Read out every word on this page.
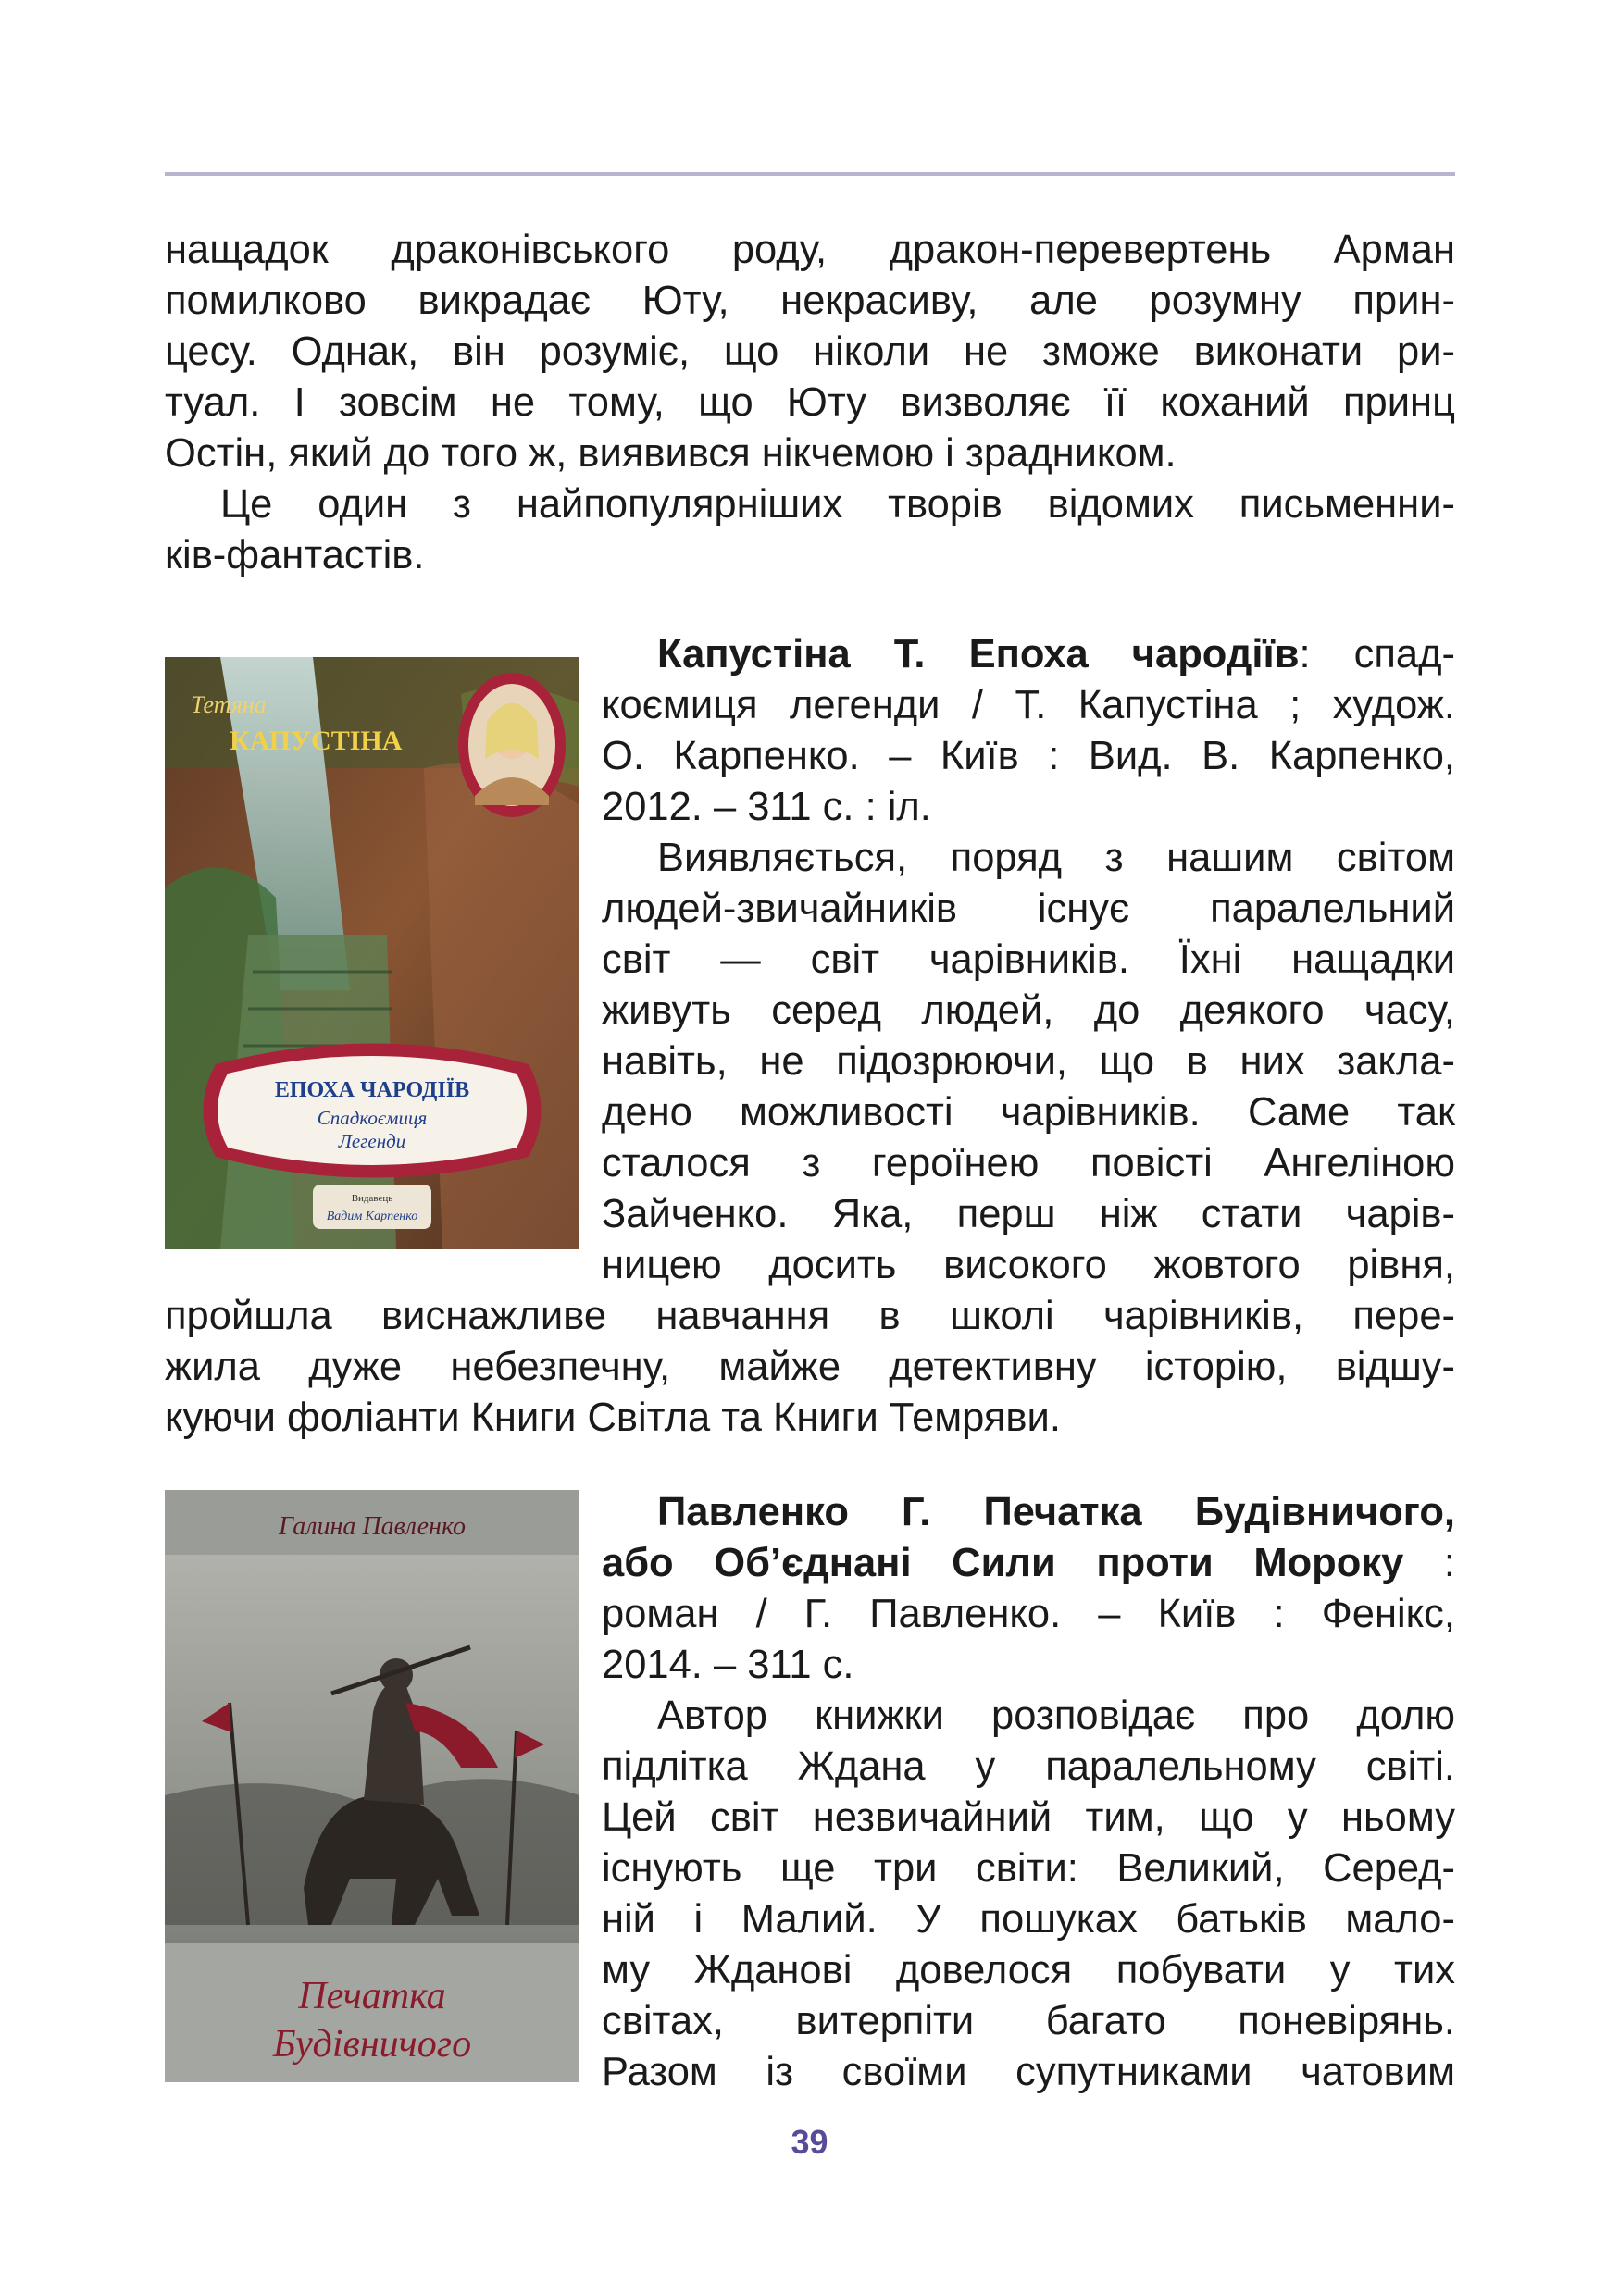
нащадок драконівського роду, дракон-перевертень Арман

помилково викрадає Юту, некрасиву, але розумну прин-

цесу. Однак, він розуміє, що ніколи не зможе виконати ри-

туал. І зовсім не тому, що Юту визволяє її коханий принц

Остін, який до того ж, виявився нікчемою і зрадником.

Це один з найпопулярніших творів відомих письменни-

ків-фантастів.

Тетяна
КАПУСТІНА
ЕПОХА ЧАРОДІЇВ
Спадкоємиця
Легенди
Видавець
Вадим Карпенко

Капустіна Т. Епоха чародіїв: спад-

коємиця легенди / Т. Капустіна ; худож.

О. Карпенко. – Київ : Вид. В. Карпенко,

2012. – 311 с. : іл.

Виявляється, поряд з нашим світом

людей-звичайників існує паралельний

світ — світ чарівників. Їхні нащадки

живуть серед людей, до деякого часу,

навіть, не підозрюючи, що в них закла-

дено можливості чарівників. Саме так

сталося з героїнею повісті Ангеліною

Зайченко. Яка, перш ніж стати чарів-

ницею досить високого жовтого рівня,

пройшла виснажливе навчання в школі чарівників, пере-

жила дуже небезпечну, майже детективну історію, відшу-

куючи фоліанти Книги Світла та Книги Темряви.

Галина Павленко
Печатка
Будівничого

Павленко Г. Печатка Будівничого,

або Об’єднані Сили проти Мороку :

роман / Г. Павленко. – Київ : Фенікс,

2014. – 311 с.

Автор книжки розповідає про долю

підлітка Ждана у паралельному світі.

Цей світ незвичайний тим, що у ньому

існують ще три світи: Великий, Серед-

ній і Малий. У пошуках батьків мало-

му Жданові довелося побувати у тих

світах, витерпіти багато поневірянь.

Разом із своїми супутниками чатовим

39
